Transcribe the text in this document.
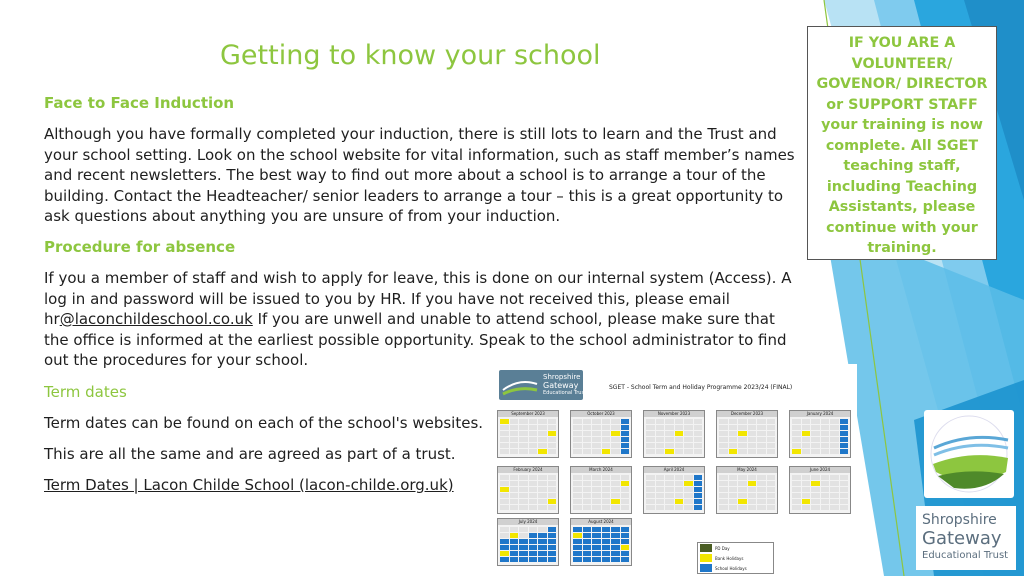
Getting to know your school
Face to Face Induction
Although you have formally completed your induction, there is still lots to learn and the Trust and your school setting. Look on the school website for vital information, such as staff member’s names and recent newsletters. The best way to find out more about a school is to arrange a tour of the building. Contact the Headteacher/ senior leaders to arrange a tour – this is a great opportunity to ask questions about anything you are unsure of from your induction.
Procedure for absence
If you a member of staff and wish to apply for leave, this is done on our internal system (Access). A log in and password will be issued to you by HR. If you have not received this, please email hr@laconchildeschool.co.uk If you are unwell and unable to attend school, please make sure that the office is informed at the earliest possible opportunity. Speak to the school administrator to find out the procedures for your school.
Term dates
Term dates can be found on each of the school's websites.
This are all the same and are agreed as part of a trust.
Term Dates | Lacon Childe School (lacon-childe.org.uk)
IF YOU ARE A VOLUNTEER/ GOVENOR/ DIRECTOR or SUPPORT STAFF your training is now complete. All SGET teaching staff, including Teaching Assistants, please continue with your training.
Shropshire
Gateway
Educational Trust
SGET - School Term and Holiday Programme 2023/24 (FINAL)
September 2023	October 2023	November 2023	December 2023	January 2024
February 2024	March 2024	April 2024	May 2024	June 2024
July 2024	August 2024
PD Day
Bank Holidays
School Holidays
Shropshire
Gateway
Educational Trust
